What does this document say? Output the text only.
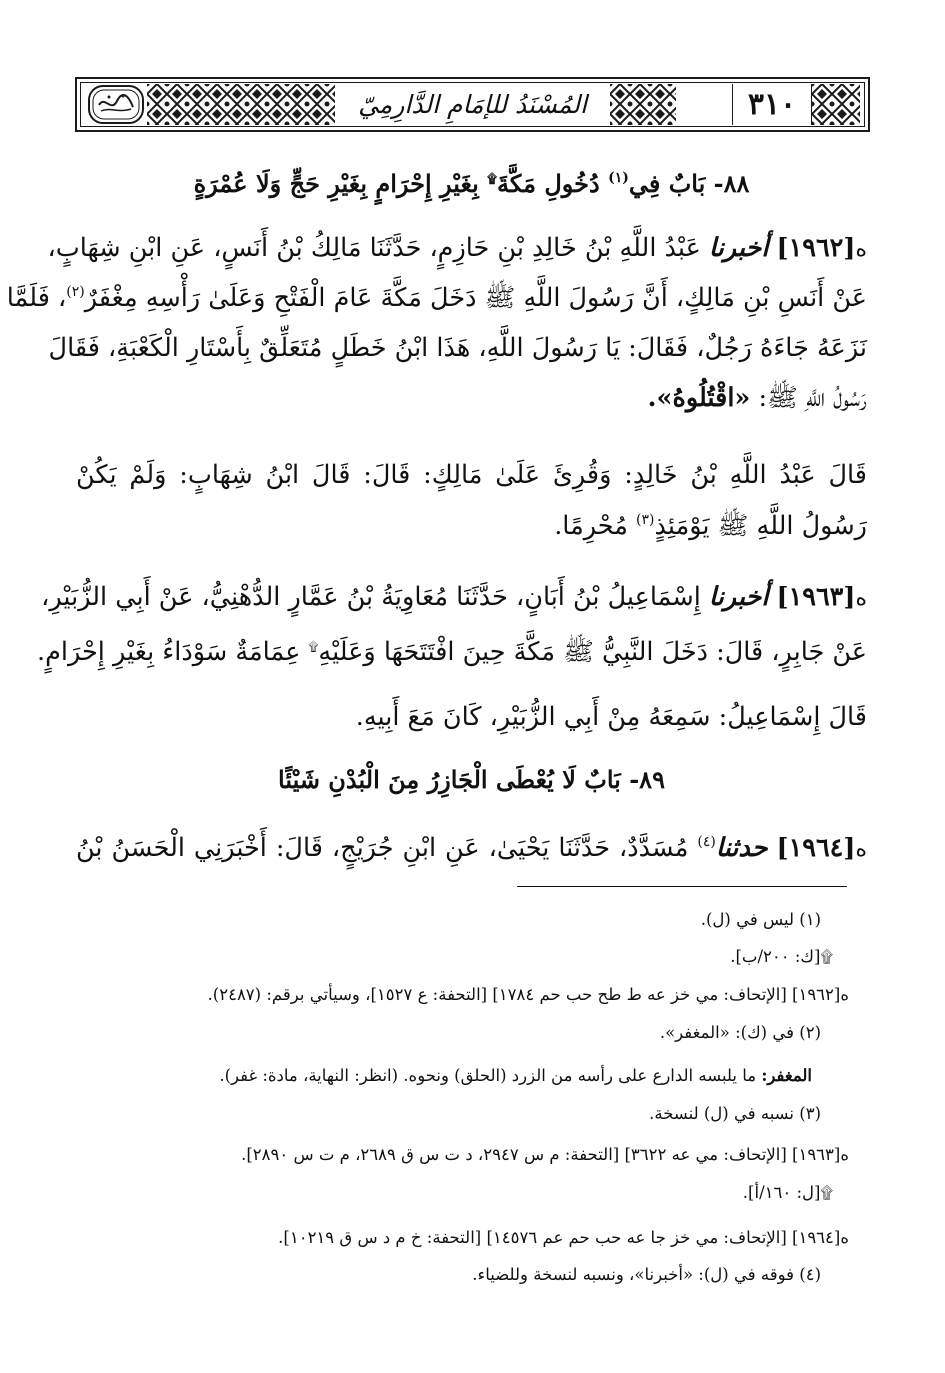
المُسْنَدُ للإمَامِ الدَّارِمِيّ	٣١٠
٨٨- بَابٌ فِي$^{(١)}$ دُخُولِ مَكَّةَ۩ بِغَيْرِ إِحْرَامٍ بِغَيْرِ حَجٍّ وَلَا عُمْرَةٍ
ه[١٩٦٢] أخبرنا عَبْدُ اللَّهِ بْنُ خَالِدِ بْنِ حَازِمٍ، حَدَّثَنَا مَالِكُ بْنُ أَنَسٍ، عَنِ ابْنِ شِهَابٍ،
عَنْ أَنَسِ بْنِ مَالِكٍ، أَنَّ رَسُولَ اللَّهِ ﷺ دَخَلَ مَكَّةَ عَامَ الْفَتْحِ وَعَلَىٰ رَأْسِهِ مِغْفَرٌ$^{(٢)}$، فَلَمَّا
نَزَعَهُ جَاءَهُ رَجُلٌ، فَقَالَ: يَا رَسُولَ اللَّهِ، هَذَا ابْنُ خَطَلٍ مُتَعَلِّقٌ بِأَسْتَارِ الْكَعْبَةِ، فَقَالَ
رَسُولُ اللَّهِ ﷺ: «اقْتُلُوهُ».
قَالَ عَبْدُ اللَّهِ بْنُ خَالِدٍ: وَقُرِئَ عَلَىٰ مَالِكٍ: قَالَ: قَالَ ابْنُ شِهَابٍ: وَلَمْ يَكُنْ
رَسُولُ اللَّهِ ﷺ يَوْمَئِذٍ$^{(٣)}$ مُحْرِمًا.
ه[١٩٦٣] أخبرنا إِسْمَاعِيلُ بْنُ أَبَانٍ، حَدَّثَنَا مُعَاوِيَةُ بْنُ عَمَّارٍ الدُّهْنِيُّ، عَنْ أَبِي الزُّبَيْرِ،
عَنْ جَابِرٍ، قَالَ: دَخَلَ النَّبِيُّ ﷺ مَكَّةَ حِينَ افْتَتَحَهَا وَعَلَيْهِ۩ عِمَامَةٌ سَوْدَاءُ بِغَيْرِ إِحْرَامٍ.
قَالَ إِسْمَاعِيلُ: سَمِعَهُ مِنْ أَبِي الزُّبَيْرِ، كَانَ مَعَ أَبِيهِ.
٨٩- بَابٌ لَا يُعْطَى الْجَازِرُ مِنَ الْبُدْنِ شَيْئًا
ه[١٩٦٤] حدثنا$^{(٤)}$ مُسَدَّدٌ، حَدَّثَنَا يَحْيَىٰ، عَنِ ابْنِ جُرَيْجٍ، قَالَ: أَخْبَرَنِي الْحَسَنُ بْنُ
(١) ليس في (ل).
۩[ك: ٢٠٠/ب].
ه[١٩٦٢] [الإتحاف: مي خز عه ط طح حب حم ١٧٨٤] [التحفة: ع ١٥٢٧]، وسيأتي برقم: (٢٤٨٧).
(٢) في (ك): «المغفر».
المغفر: ما يلبسه الدارع على رأسه من الزرد (الحلق) ونحوه. (انظر: النهاية، مادة: غفر).
(٣) نسبه في (ل) لنسخة.
ه[١٩٦٣] [الإتحاف: مي عه ٣٦٢٢] [التحفة: م س ٢٩٤٧، د ت س ق ٢٦٨٩، م ت س ٢٨٩٠].
۩[ل: ١٦٠/أ].
ه[١٩٦٤] [الإتحاف: مي خز جا عه حب حم عم ١٤٥٧٦] [التحفة: خ م د س ق ١٠٢١٩].
(٤) فوقه في (ل): «أخبرنا»، ونسبه لنسخة وللضياء.
